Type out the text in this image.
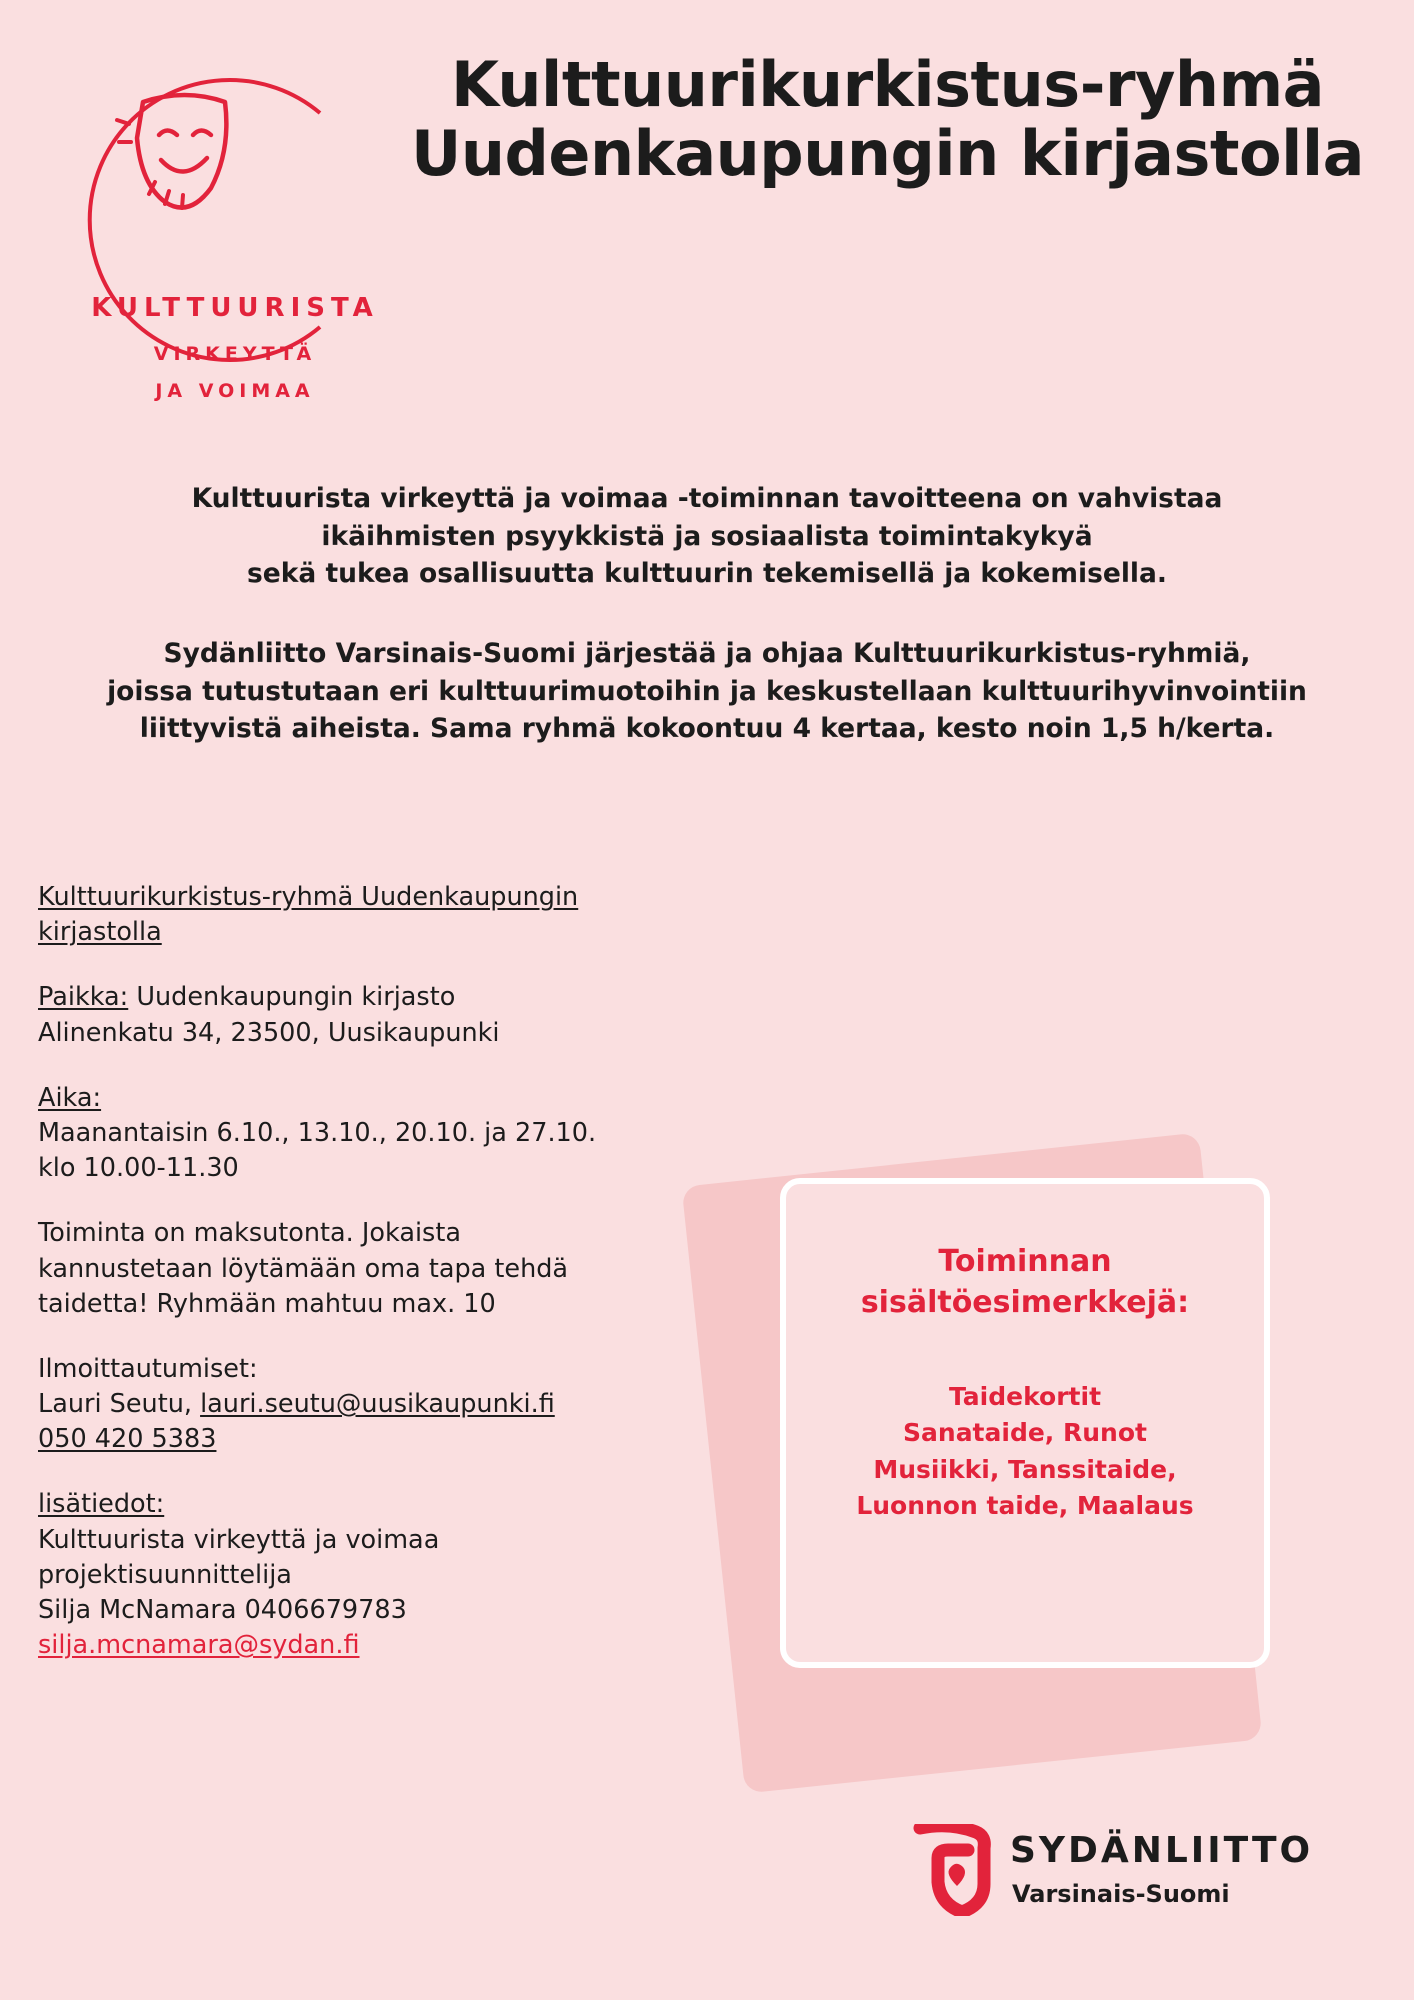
KULTTUURISTA
VIRKEYTTÄ
JA VOIMAA
Kulttuurikurkistus-ryhmä Uudenkaupungin kirjastolla

Kulttuurista virkeyttä ja voimaa -toiminnan tavoitteena on vahvistaa

ikäihmisten psyykkistä ja sosiaalista toimintakykyä

sekä tukea osallisuutta kulttuurin tekemisellä ja kokemisella.

Sydänliitto Varsinais-Suomi järjestää ja ohjaa Kulttuurikurkistus-ryhmiä,

joissa tutustutaan eri kulttuurimuotoihin ja keskustellaan kulttuurihyvinvointiin

liittyvistä aiheista. Sama ryhmä kokoontuu 4 kertaa, kesto noin 1,5 h/kerta.

Kulttuurikurkistus-ryhmä Uudenkaupungin
kirjastolla
Paikka: Uudenkaupungin kirjasto
Alinenkatu 34, 23500, Uusikaupunki
Aika:
Maanantaisin 6.10., 13.10., 20.10. ja 27.10.
klo 10.00-11.30
Toiminta on maksutonta. Jokaista
kannustetaan löytämään oma tapa tehdä
taidetta! Ryhmään mahtuu max. 10
Ilmoittautumiset:
Lauri Seutu, lauri.seutu@uusikaupunki.fi
050 420 5383
lisätiedot:
Kulttuurista virkeyttä ja voimaa
projektisuunnittelija
Silja McNamara 0406679783
silja.mcnamara@sydan.fi
Toiminnan
sisältöesimerkkejä:
Taidekortit
Sanataide, Runot
Musiikki, Tanssitaide,
Luonnon taide, Maalaus
SYDÄNLIITTO
Varsinais-Suomi
